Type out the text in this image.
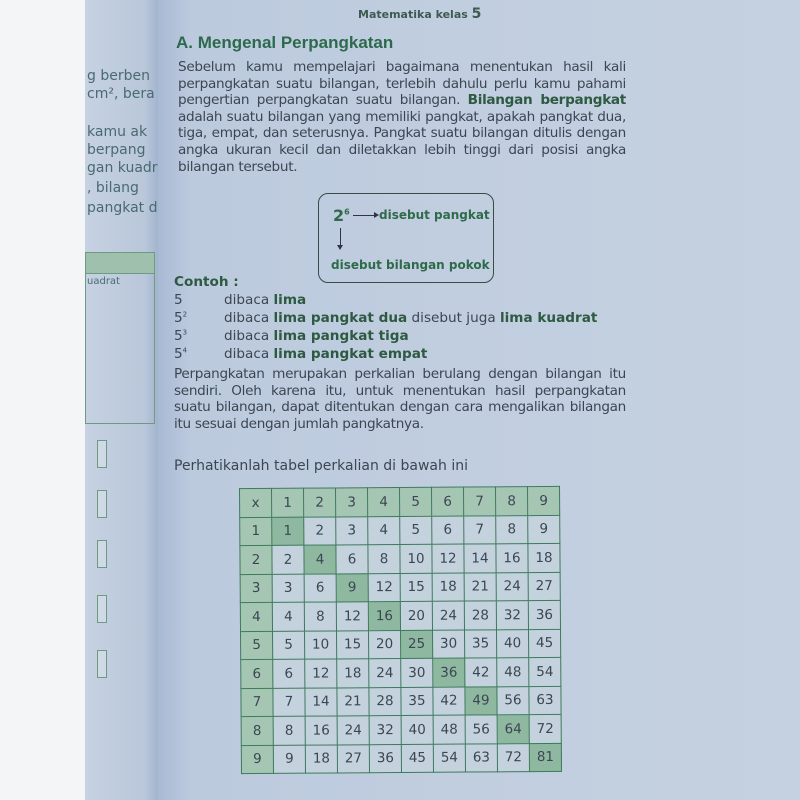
g berben
cm², bera
kamu ak
berpang
gan kuadr
, bilang
pangkat d
uadrat
Matematika kelas 5
A. Mengenal Perpangkatan
Sebelum kamu mempelajari bagaimana menentukan hasil kali perpangkatan suatu bilangan, terlebih dahulu perlu kamu pahami pengertian perpangkatan suatu bilangan. Bilangan berpangkat adalah suatu bilangan yang memiliki pangkat, apakah pangkat dua, tiga, empat, dan seterusnya. Pangkat suatu bilangan ditulis dengan angka ukuran kecil dan diletakkan lebih tinggi dari posisi angka bilangan tersebut.
$2^6$ disebut pangkat
disebut bilangan pokok
Contoh :
5	dibaca lima
$5^2$	dibaca lima pangkat dua disebut juga lima kuadrat
$5^3$	dibaca lima pangkat tiga
$5^4$	dibaca lima pangkat empat
Perpangkatan merupakan perkalian berulang dengan bilangan itu sendiri. Oleh karena itu, untuk menentukan hasil perpangkatan suatu bilangan, dapat ditentukan dengan cara mengalikan bilangan itu sesuai dengan jumlah pangkatnya.
Perhatikanlah tabel perkalian di bawah ini
x	1	2	3	4	5	6	7	8	9
1	1	2	3	4	5	6	7	8	9
2	2	4	6	8	10	12	14	16	18
3	3	6	9	12	15	18	21	24	27
4	4	8	12	16	20	24	28	32	36
5	5	10	15	20	25	30	35	40	45
6	6	12	18	24	30	36	42	48	54
7	7	14	21	28	35	42	49	56	63
8	8	16	24	32	40	48	56	64	72
9	9	18	27	36	45	54	63	72	81
